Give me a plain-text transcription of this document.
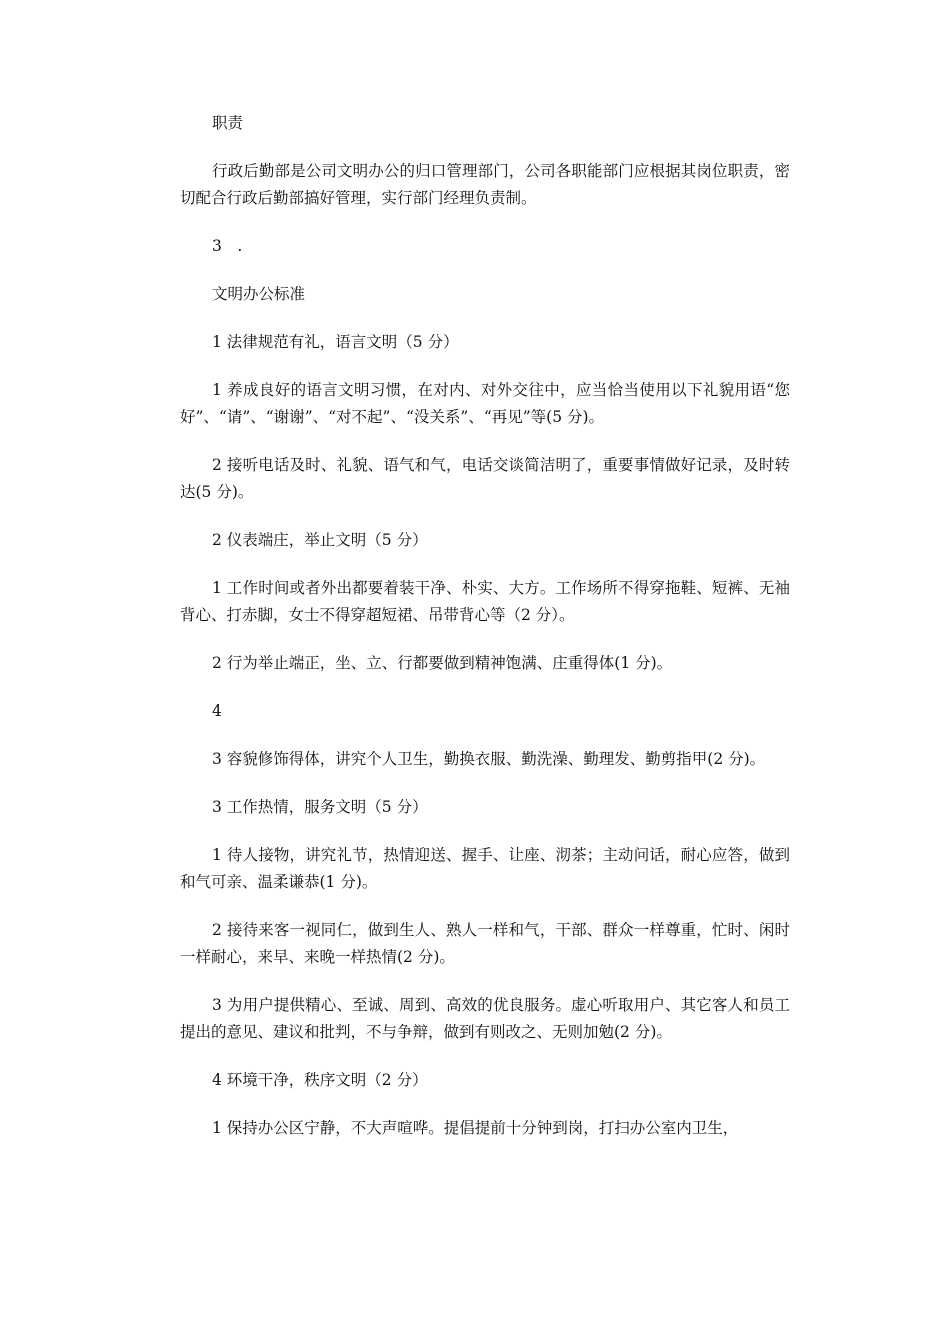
职责

行政后勤部是公司文明办公的归口管理部门，公司各职能部门应根据其岗位职责，密切配合行政后勤部搞好管理，实行部门经理负责制。

3　.

文明办公标准

1 法律规范有礼，语言文明（5 分）

1 养成良好的语言文明习惯，在对内、对外交往中，应当恰当使用以下礼貌用语“您好”、“请”、“谢谢”、“对不起”、“没关系”、“再见”等(5 分)。

2 接听电话及时、礼貌、语气和气，电话交谈简洁明了，重要事情做好记录，及时转达(5 分)。

2 仪表端庄，举止文明（5 分）

1 工作时间或者外出都要着装干净、朴实、大方。工作场所不得穿拖鞋、短裤、无袖背心、打赤脚，女士不得穿超短裙、吊带背心等（2 分）。

2 行为举止端正，坐、立、行都要做到精神饱满、庄重得体(1 分)。

4

3 容貌修饰得体，讲究个人卫生，勤换衣服、勤洗澡、勤理发、勤剪指甲(2 分)。

3 工作热情，服务文明（5 分）

1 待人接物，讲究礼节，热情迎送、握手、让座、沏茶；主动问话，耐心应答，做到和气可亲、温柔谦恭(1 分)。

2 接待来客一视同仁，做到生人、熟人一样和气，干部、群众一样尊重，忙时、闲时一样耐心，来早、来晚一样热情(2 分)。

3 为用户提供精心、至诚、周到、高效的优良服务。虚心听取用户、其它客人和员工提出的意见、建议和批判，不与争辩，做到有则改之、无则加勉(2 分)。

4 环境干净，秩序文明（2 分）

1 保持办公区宁静，不大声喧哗。提倡提前十分钟到岗，打扫办公室内卫生，
